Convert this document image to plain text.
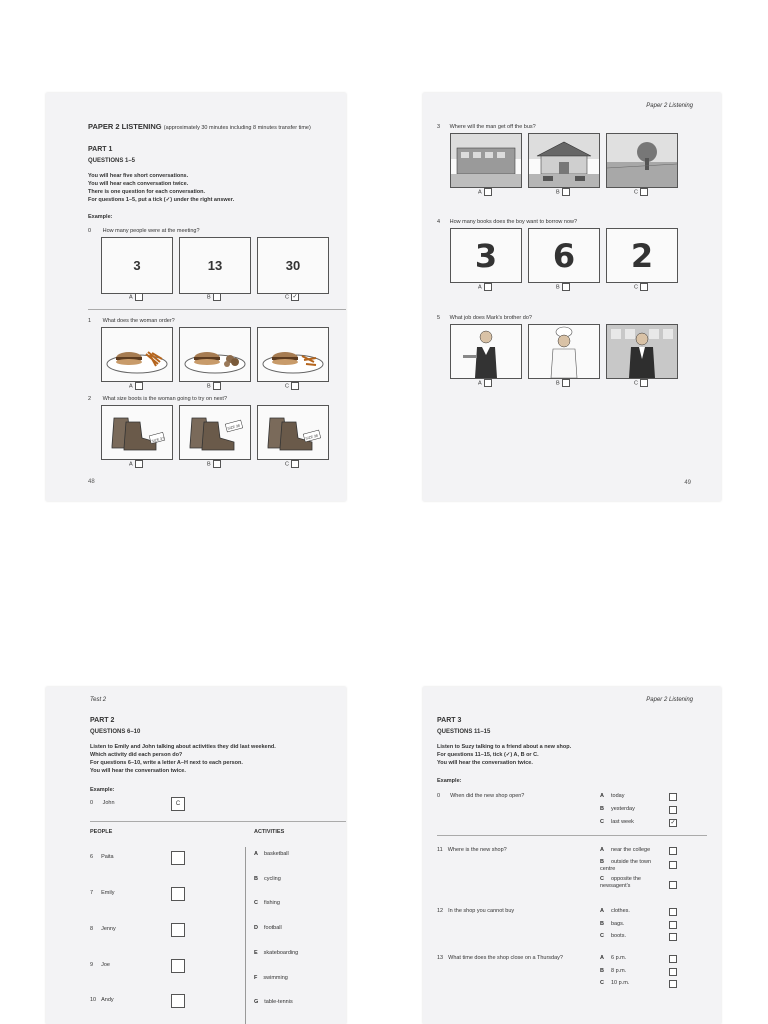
PAPER 2 LISTENING (approximately 30 minutes including 8 minutes transfer time)
PART 1
QUESTIONS 1–5
You will hear five short conversations.
You will hear each conversation twice.
There is one question for each conversation.
For questions 1–5, put a tick (✓) under the right answer.
Example:
0 How many people were at the meeting?
3	13	30
A	B	C ✓
1 What does the woman order?
A	B	C
2 What size boots is the woman going to try on next?
SIZE 37
SIZE 38
SIZE 38
A	B	C
48
Paper 2 Listening
3 Where will the man get off the bus?
A	B	C
4 How many books does the boy want to borrow now?
3	6	2
A	B	C
5 What job does Mark's brother do?
A	B	C
49
Test 2
PART 2
QUESTIONS 6–10
Listen to Emily and John talking about activities they did last weekend.
Which activity did each person do?
For questions 6–10, write a letter A–H next to each person.
You will hear the conversation twice.
Example:
0 John	C
PEOPLE	ACTIVITIES
6 Paita
7 Emily
8 Jenny
9 Joe
10 Andy
A basketball
B cycling
C fishing
D football
E skateboarding
F swimming
G table-tennis
Paper 2 Listening
PART 3
QUESTIONS 11–15
Listen to Suzy talking to a friend about a new shop.
For questions 11–15, tick (✓) A, B or C.
You will hear the conversation twice.
Example:
0 When did the new shop open?	A today
B yesterday
C last week	✓
11 Where is the new shop?	A near the college
B outside the town centre
C opposite the newsagent's
12 In the shop you cannot buy	A clothes.
B bags.
C boots.
13 What time does the shop close on a Thursday?	A 6 p.m.
B 8 p.m.
C 10 p.m.
